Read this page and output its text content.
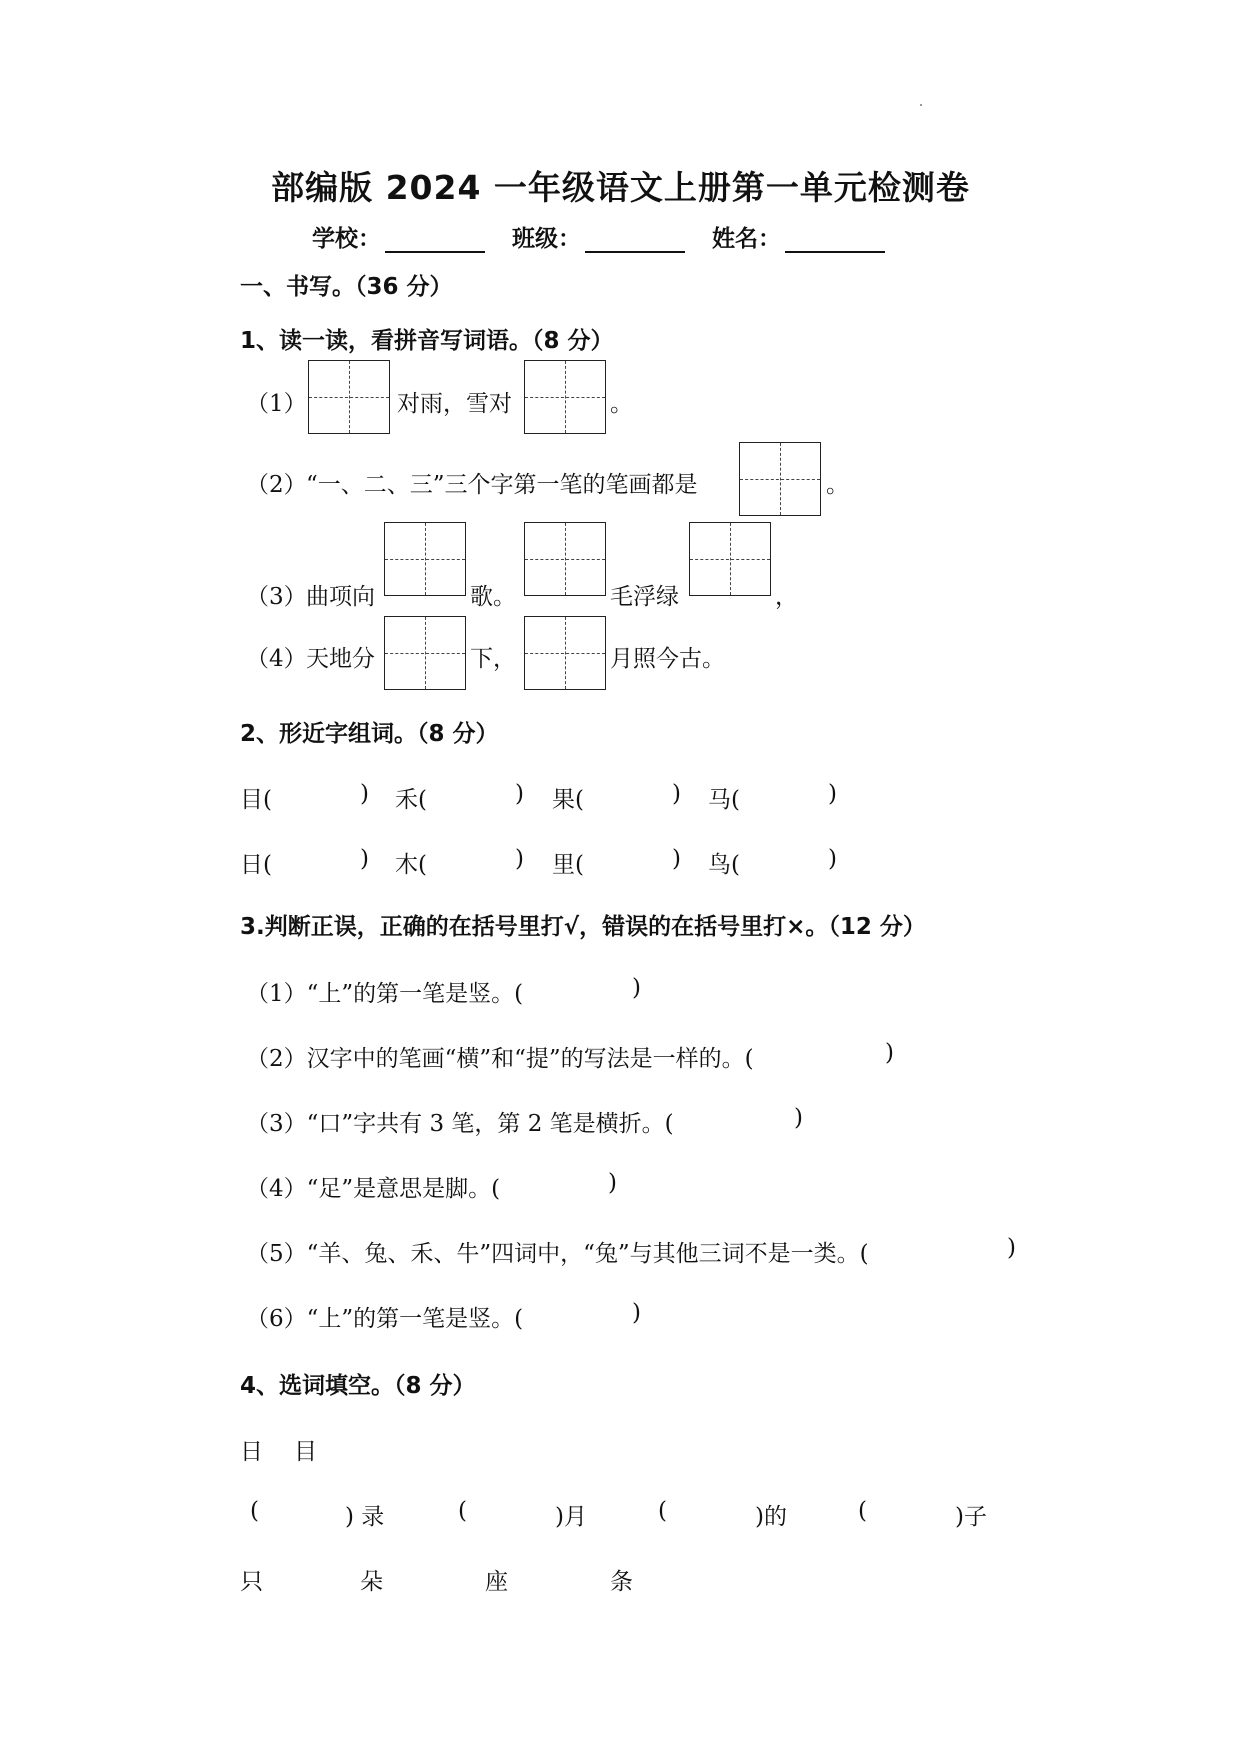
部编版 2024 一年级语文上册第一单元检测卷
学校：	班级：	姓名：
一、书写。（36 分）
1、读一读，看拼音写词语。（8 分）
（1）	对雨，雪对	。
（2） “一、二、三”三个字第一笔的笔画都是	。
（3） 曲项向	歌。	毛浮绿	，
（4） 天地分	下，	月照今古。
2、形近字组词。（8 分）
目(	) 禾(	) 果(	) 马(	)
日(	) 木(	) 里(	) 鸟(	)
3.判断正误，正确的在括号里打√，错误的在括号里打×。（12 分）
（1）“上”的第一笔是竖。(	)
（2）汉字中的笔画“横”和“提”的写法是一样的。(	)
（3）“口”字共有 3 笔，第 2 笔是横折。(	)
（4）“足”是意思是脚。(	)
（5）“羊、兔、禾、牛”四词中，“兔”与其他三词不是一类。(	)
（6）“上”的第一笔是竖。(	)
4、选词填空。（8 分）
日 目
(	) 录	(	)月	(	)的	(	)子
只	朵	座	条
